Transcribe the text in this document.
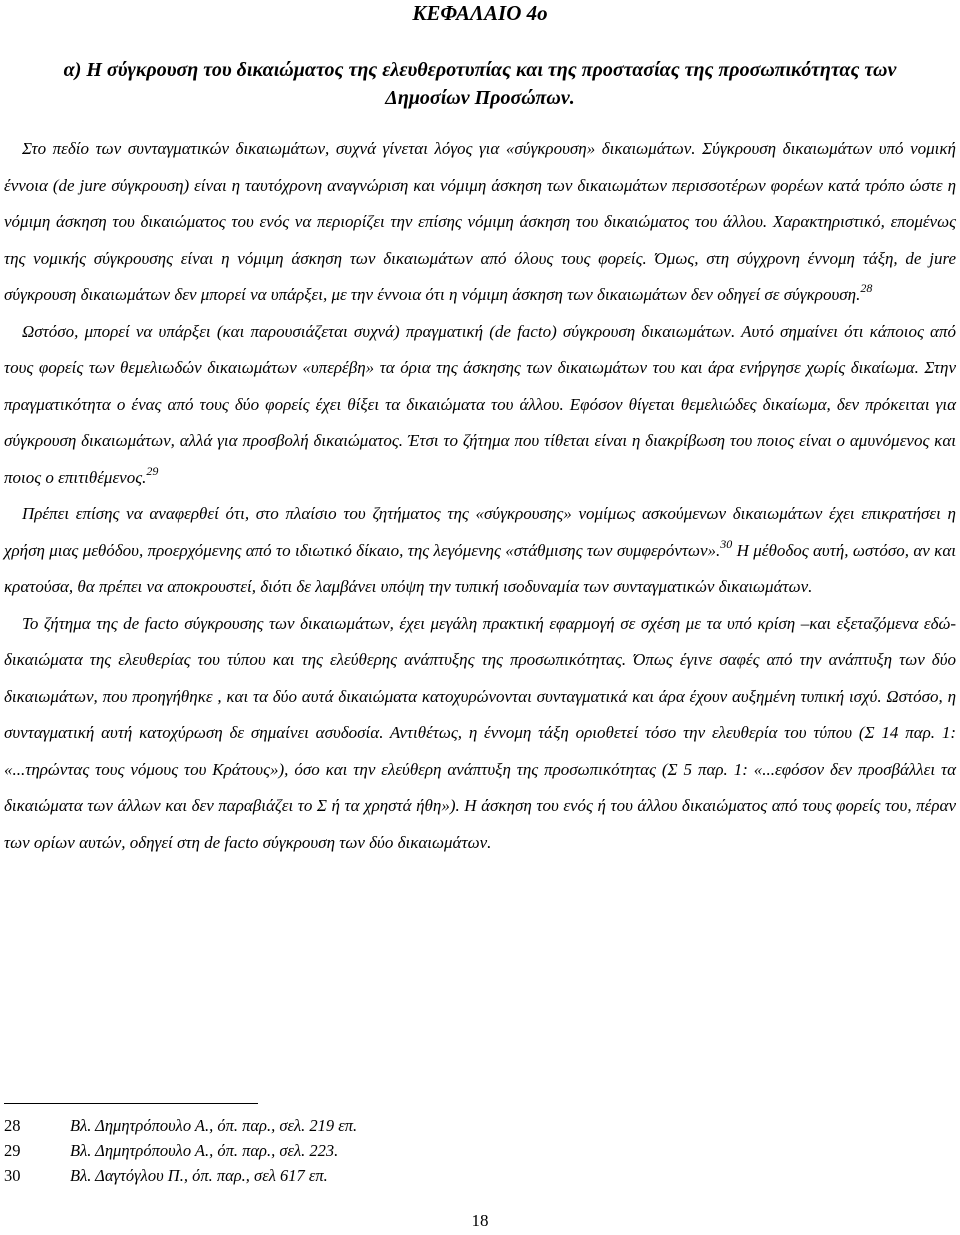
ΚΕΦΑΛΑΙΟ 4ο
α) Η σύγκρουση του δικαιώματος της ελευθεροτυπίας και της προστασίας της προσωπικότητας των Δημοσίων Προσώπων.

Στο πεδίο των συνταγματικών δικαιωμάτων, συχνά γίνεται λόγος για «σύγκρουση» δικαιωμάτων. Σύγκρουση δικαιωμάτων υπό νομική έννοια (de jure σύγκρουση) είναι η ταυτόχρονη αναγνώριση και νόμιμη άσκηση των δικαιωμάτων περισσοτέρων φορέων κατά τρόπο ώστε η νόμιμη άσκηση του δικαιώματος του ενός να περιορίζει την επίσης νόμιμη άσκηση του δικαιώματος του άλλου. Χαρακτηριστικό, επομένως της νομικής σύγκρουσης είναι η νόμιμη άσκηση των δικαιωμάτων από όλους τους φορείς. Όμως, στη σύγχρονη έννομη τάξη, de jure σύγκρουση δικαιωμάτων δεν μπορεί να υπάρξει, με την έννοια ότι η νόμιμη άσκηση των δικαιωμάτων δεν οδηγεί σε σύγκρουση.$^{28}$

Ωστόσο, μπορεί να υπάρξει (και παρουσιάζεται συχνά) πραγματική (de facto) σύγκρουση δικαιωμάτων. Αυτό σημαίνει ότι κάποιος από τους φορείς των θεμελιωδών δικαιωμάτων «υπερέβη» τα όρια της άσκησης των δικαιωμάτων του και άρα ενήργησε χωρίς δικαίωμα. Στην πραγματικότητα ο ένας από τους δύο φορείς έχει θίξει τα δικαιώματα του άλλου. Εφόσον θίγεται θεμελιώδες δικαίωμα, δεν πρόκειται για σύγκρουση δικαιωμάτων, αλλά για προσβολή δικαιώματος. Έτσι το ζήτημα που τίθεται είναι η διακρίβωση του ποιος είναι ο αμυνόμενος και ποιος ο επιτιθέμενος.$^{29}$

Πρέπει επίσης να αναφερθεί ότι, στο πλαίσιο του ζητήματος της «σύγκρουσης» νομίμως ασκούμενων δικαιωμάτων έχει επικρατήσει η χρήση μιας μεθόδου, προερχόμενης από το ιδιωτικό δίκαιο, της λεγόμενης «στάθμισης των συμφερόντων».$^{30}$ Η μέθοδος αυτή, ωστόσο, αν και κρατούσα, θα πρέπει να αποκρουστεί, διότι δε λαμβάνει υπόψη την τυπική ισοδυναμία των συνταγματικών δικαιωμάτων.

Το ζήτημα της de facto σύγκρουσης των δικαιωμάτων, έχει μεγάλη πρακτική εφαρμογή σε σχέση με τα υπό κρίση –και εξεταζόμενα εδώ- δικαιώματα της ελευθερίας του τύπου και της ελεύθερης ανάπτυξης της προσωπικότητας. Όπως έγινε σαφές από την ανάπτυξη των δύο δικαιωμάτων, που προηγήθηκε , και τα δύο αυτά δικαιώματα κατοχυρώνονται συνταγματικά και άρα έχουν αυξημένη τυπική ισχύ. Ωστόσο, η συνταγματική αυτή κατοχύρωση δε σημαίνει ασυδοσία. Αντιθέτως, η έννομη τάξη οριοθετεί τόσο την ελευθερία του τύπου (Σ 14 παρ. 1: «...τηρώντας τους νόμους του Κράτους»), όσο και την ελεύθερη ανάπτυξη της προσωπικότητας (Σ 5 παρ. 1: «...εφόσον δεν προσβάλλει τα δικαιώματα των άλλων και δεν παραβιάζει το Σ ή τα χρηστά ήθη»). Η άσκηση του ενός ή του άλλου δικαιώματος από τους φορείς του, πέραν των ορίων αυτών, οδηγεί στη de facto σύγκρουση των δύο δικαιωμάτων.

28	Βλ. Δημητρόπουλο Α., όπ. παρ., σελ. 219 επ.
29	Βλ. Δημητρόπουλο Α., όπ. παρ., σελ. 223.
30	Βλ. Δαγτόγλου Π., όπ. παρ., σελ 617 επ.
18
